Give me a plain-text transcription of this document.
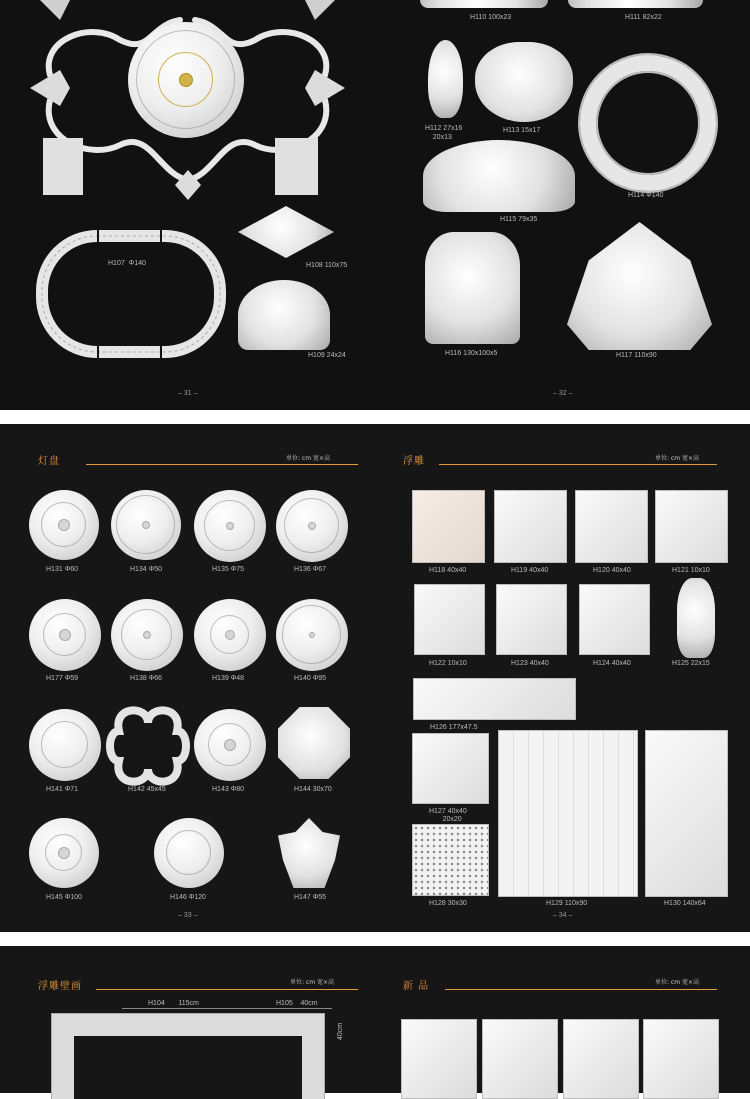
H107 Φ140	H108 110x75
H109 24x24
– 31 –
H110 100x23	H111 82x22
H112 27x16
20x13
H113 15x17
H114 Φ140
H115 79x35
H116 130x100x5	H117 110x90
– 32 –
灯盘	单位: cm 宽×高
H131 Φ60	H134 Φ50	H135 Φ75	H136 Φ67
H177 Φ59	H138 Φ66	H139 Φ48	H140 Φ95
H141 Φ71	H142 45x45	H143 Φ80	H144 30x70
H145 Φ100	H146 Φ120	H147 Φ55
– 33 –
浮雕	单位: cm 宽×高
H118 40x40	H119 40x40	H120 40x40	H121 10x10
H122 10x10	H123 40x40	H124 40x40	H125 22x15
H126 177x47.5
H127 40x40
20x20
H128 30x30	H129 110x90	H130 140x64
– 34 –
浮雕壁画	单位: cm 宽×高
H104 115cm	H105 40cm
40cm
新 品	单位: cm 宽×高
